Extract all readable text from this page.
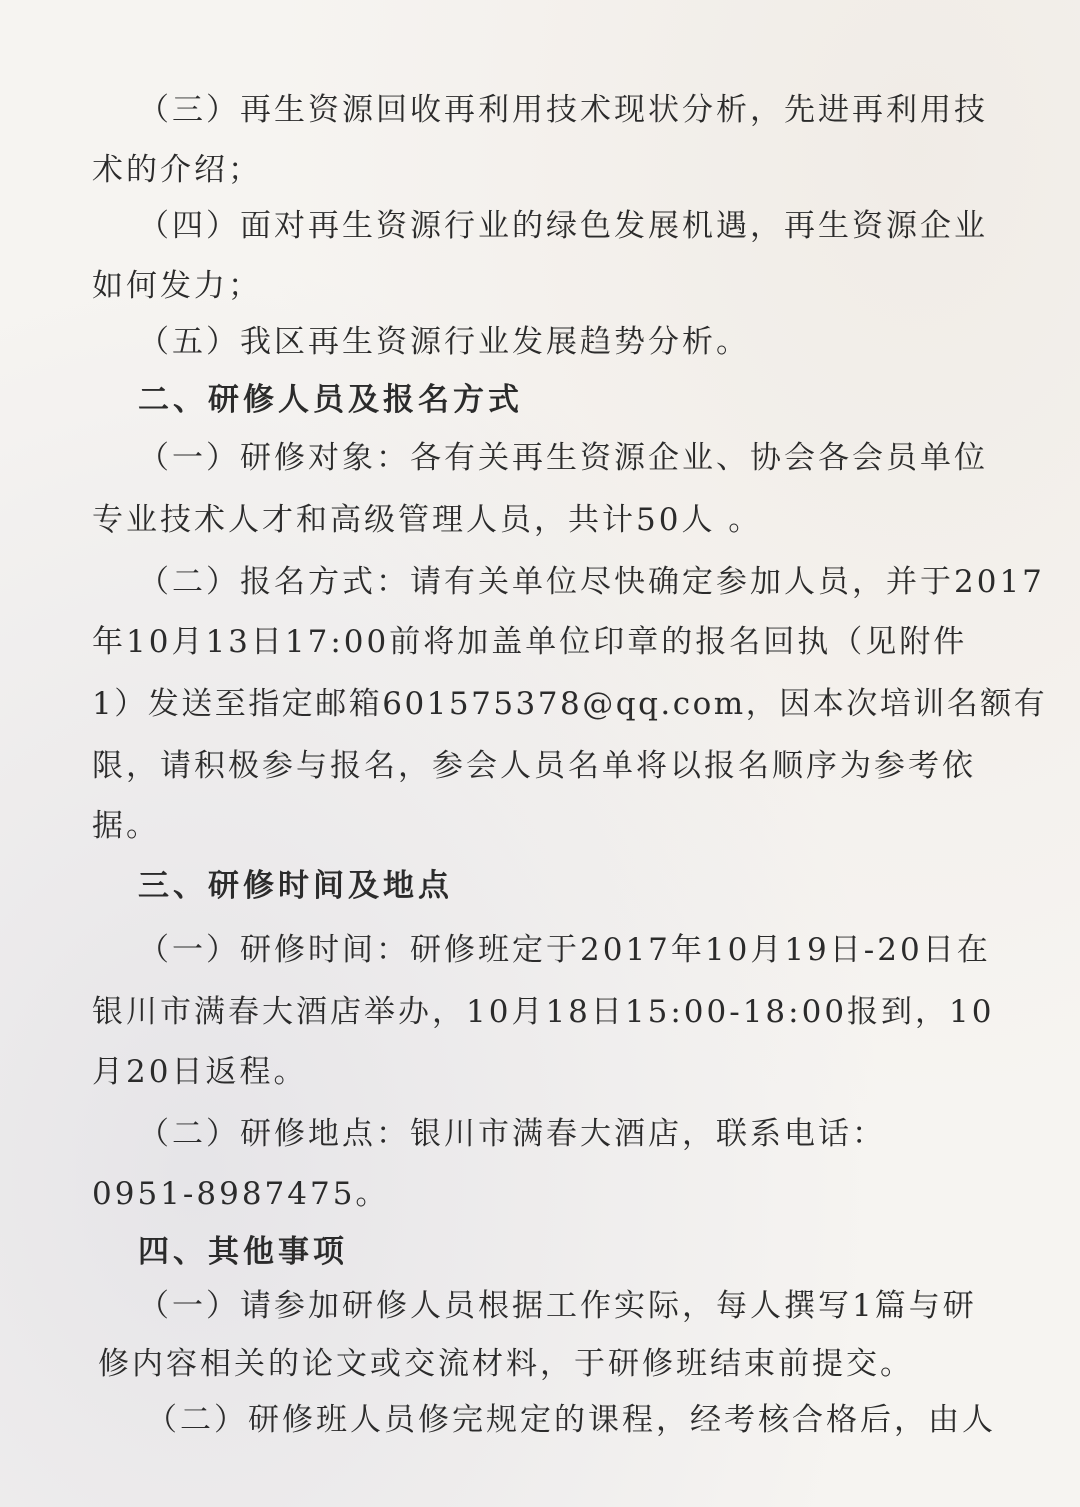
（三）再生资源回收再利用技术现状分析，先进再利用技
术的介绍；
（四）面对再生资源行业的绿色发展机遇，再生资源企业
如何发力；
（五）我区再生资源行业发展趋势分析。
二、研修人员及报名方式
（一）研修对象：各有关再生资源企业、协会各会员单位
专业技术人才和高级管理人员，共计50人 。
（二）报名方式：请有关单位尽快确定参加人员，并于2017
年10月13日17:00前将加盖单位印章的报名回执（见附件
1）发送至指定邮箱601575378@qq.com，因本次培训名额有
限，请积极参与报名，参会人员名单将以报名顺序为参考依
据。
三、研修时间及地点
（一）研修时间：研修班定于2017年10月19日-20日在
银川市满春大酒店举办，10月18日15:00-18:00报到，10
月20日返程。
（二）研修地点：银川市满春大酒店，联系电话：
0951-8987475。
四、其他事项
（一）请参加研修人员根据工作实际，每人撰写1篇与研
修内容相关的论文或交流材料，于研修班结束前提交。
（二）研修班人员修完规定的课程，经考核合格后，由人
